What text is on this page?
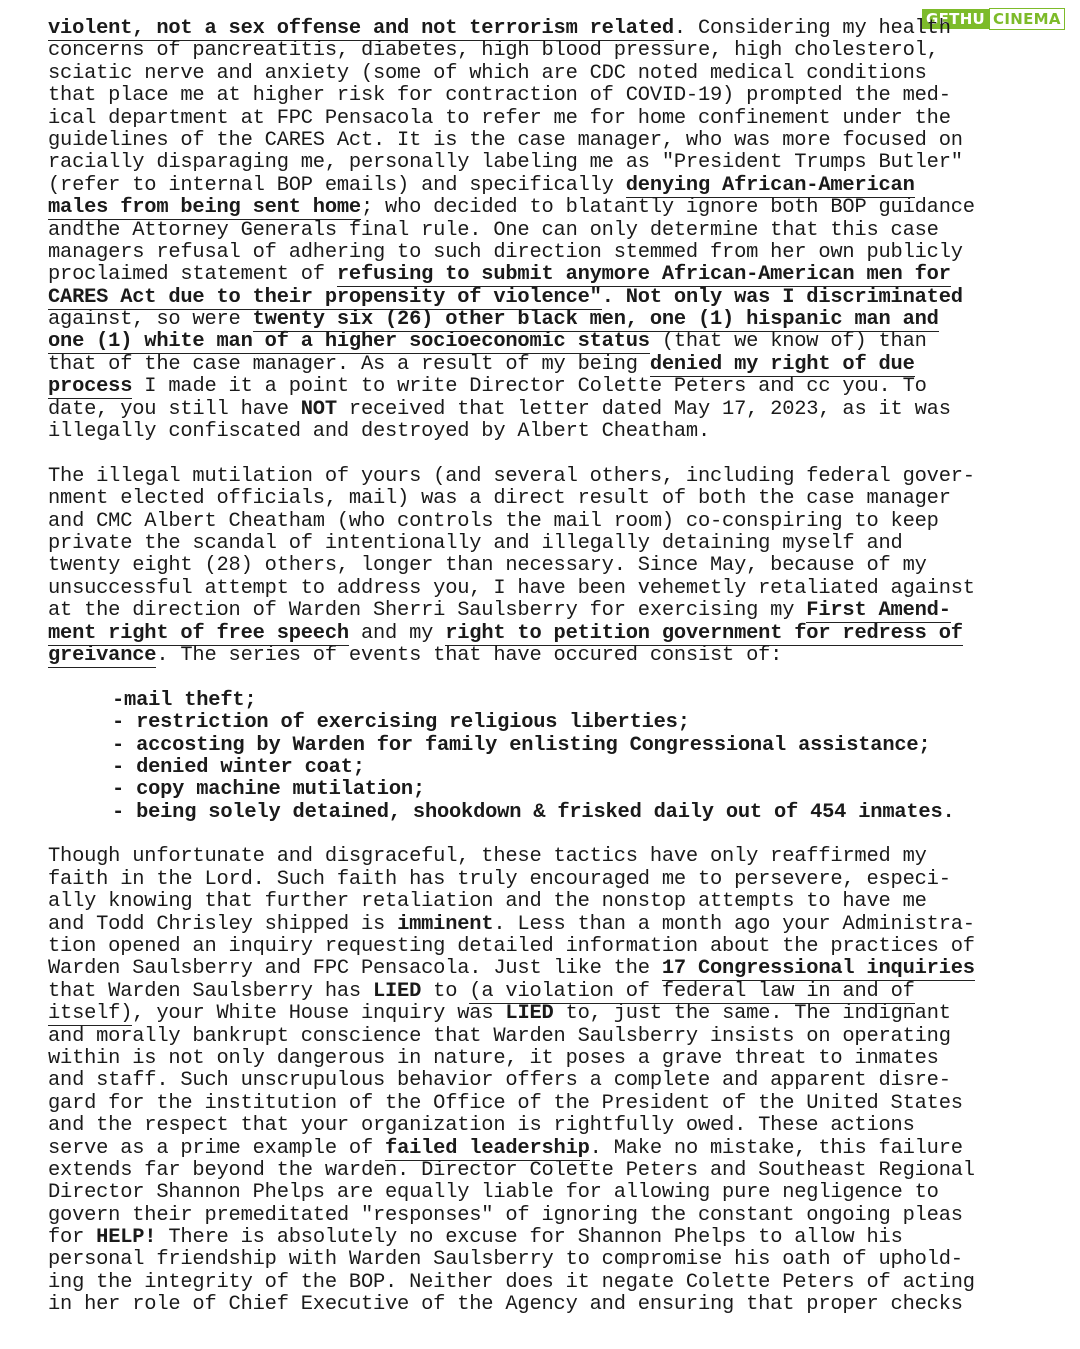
GETHU CINEMA
violent, not a sex offense and not terrorism related. Considering my health
concerns of pancreatitis, diabetes, high blood pressure, high cholesterol,
sciatic nerve and anxiety (some of which are CDC noted medical conditions
that place me at higher risk for contraction of COVID-19) prompted the med-
ical department at FPC Pensacola to refer me for home confinement under the
guidelines of the CARES Act. It is the case manager, who was more focused on
racially disparaging me, personally labeling me as "President Trumps Butler"
(refer to internal BOP emails) and specifically denying African-American
males from being sent home; who decided to blatantly ignore both BOP guidance
andthe Attorney Generals final rule. One can only determine that this case
managers refusal of adhering to such direction stemmed from her own publicly
proclaimed statement of refusing to submit anymore African-American men for
CARES Act due to their propensity of violence". Not only was I discriminated
against, so were twenty six (26) other black men, one (1) hispanic man and
one (1) white man of a higher socioeconomic status (that we know of) than
that of the case manager. As a result of my being denied my right of due
process I made it a point to write Director Colette Peters and cc you. To
date, you still have NOT received that letter dated May 17, 2023, as it was
illegally confiscated and destroyed by Albert Cheatham.
The illegal mutilation of yours (and several others, including federal gover-
nment elected officials, mail) was a direct result of both the case manager
and CMC Albert Cheatham (who controls the mail room) co-conspiring to keep
private the scandal of intentionally and illegally detaining myself and
twenty eight (28) others, longer than necessary. Since May, because of my
unsuccessful attempt to address you, I have been vehemetly retaliated against
at the direction of Warden Sherri Saulsberry for exercising my First Amend-
ment right of free speech and my right to petition government for redress of
greivance. The series of events that have occured consist of:
-mail theft;
- restriction of exercising religious liberties;
- accosting by Warden for family enlisting Congressional assistance;
- denied winter coat;
- copy machine mutilation;
- being solely detained, shookdown & frisked daily out of 454 inmates.
Though unfortunate and disgraceful, these tactics have only reaffirmed my
faith in the Lord. Such faith has truly encouraged me to persevere, especi-
ally knowing that further retaliation and the nonstop attempts to have me
and Todd Chrisley shipped is imminent. Less than a month ago your Administra-
tion opened an inquiry requesting detailed information about the practices of
Warden Saulsberry and FPC Pensacola. Just like the 17 Congressional inquiries
that Warden Saulsberry has LIED to (a violation of federal law in and of
itself), your White House inquiry was LIED to, just the same. The indignant
and morally bankrupt conscience that Warden Saulsberry insists on operating
within is not only dangerous in nature, it poses a grave threat to inmates
and staff. Such unscrupulous behavior offers a complete and apparent disre-
gard for the institution of the Office of the President of the United States
and the respect that your organization is rightfully owed. These actions
serve as a prime example of failed leadership. Make no mistake, this failure
extends far beyond the warden. Director Colette Peters and Southeast Regional
Director Shannon Phelps are equally liable for allowing pure negligence to
govern their premeditated "responses" of ignoring the constant ongoing pleas
for HELP! There is absolutely no excuse for Shannon Phelps to allow his
personal friendship with Warden Saulsberry to compromise his oath of uphold-
ing the integrity of the BOP. Neither does it negate Colette Peters of acting
in her role of Chief Executive of the Agency and ensuring that proper checks
